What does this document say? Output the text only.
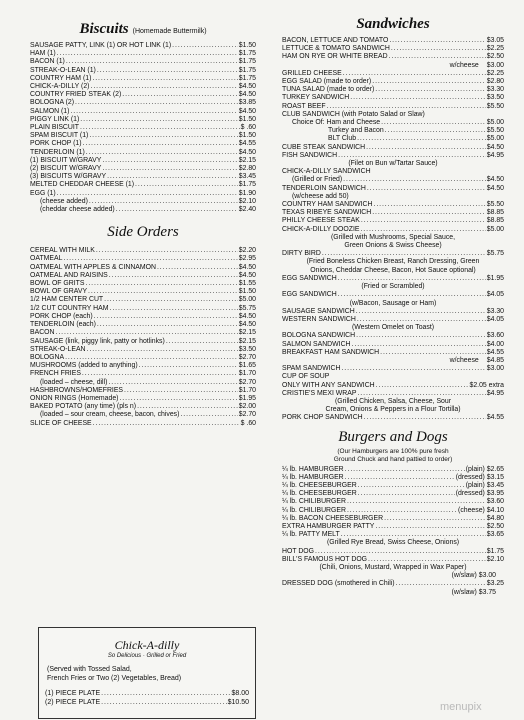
Biscuits (Homemade Buttermilk)
SAUSAGE PATTY, LINK (1) OR HOT LINK (1) . . .	$1.50
HAM (1) . . .	$1.75
BACON (1) . . .	$1.75
STREAK-O-LEAN (1) . . .	$1.75
COUNTRY HAM (1) . . .	$1.75
CHICK-A-DILLY (2) . . .	$4.50
COUNTRY FRIED STEAK (2) . . .	$4.50
BOLOGNA (2) . . .	$3.85
SALMON (1) . . .	$4.50
PIGGY LINK (1) . . .	$1.50
PLAIN BISCUIT . . .	$ .60
SPAM BISCUIT (1) . . .	$1.50
PORK CHOP (1) . . .	$4.55
TENDERLOIN (1) . . .	$4.50
(1) BISCUIT W/GRAVY . . .	$2.15
(2) BISCUIT W/GRAVY . . .	$2.80
(3) BISCUITS W/GRAVY . . .	$3.45
MELTED CHEDDAR CHEESE (1) . . .	$1.75
EGG (1) . . .	$1.90
(cheese added) . . .	$2.10
(cheddar cheese added) . . .	$2.40
Side Orders
CEREAL WITH MILK . . .	$2.20
OATMEAL . . .	$2.95
OATMEAL WITH APPLES & CINNAMON . . .	$4.50
OATMEAL AND RAISINS . . .	$4.50
BOWL OF GRITS . . .	$1.55
BOWL OF GRAVY . . .	$1.50
1/2 HAM CENTER CUT . . .	$5.00
1/2 CUT COUNTRY HAM . . .	$5.75
PORK CHOP (each) . . .	$4.50
TENDERLOIN (each) . . .	$4.50
BACON . . .	$2.15
SAUSAGE (link, piggy link, patty or hotlinks) . . .	$2.15
STREAK-O-LEAN . . .	$3.50
BOLOGNA . . .	$2.70
MUSHROOMS (added to anything) . . .	$1.65
FRENCH FRIES . . .	$1.70
(loaded – cheese, dill) . . .	$2.70
HASHBROWNS/HOMEFRIES . . .	$1.70
ONION RINGS (Homemade) . . .	$1.95
BAKED POTATO (any time) (pls n) . . .	$2.00
(loaded – sour cream, cheese, bacon, chives) . . .	$2.70
SLICE OF CHEESE . . .	$ .60
Chick-A-dilly
So Delicious · Grilled or Fried
(Served with Tossed Salad,
French Fries or Two (2) Vegetables, Bread)
(1) PIECE PLATE . . .	$8.00
(2) PIECE PLATE . . .	$10.50
Sandwiches
BACON, LETTUCE AND TOMATO . . .	$3.05
LETTUCE & TOMATO SANDWICH . . .	$2.25
HAM ON RYE OR WHITE BREAD . . .	$2.50
w/cheese $3.00
GRILLED CHEESE . . .	$2.25
EGG SALAD (made to order) . . .	$2.80
TUNA SALAD (made to order) . . .	$3.30
TURKEY SANDWICH . . .	$3.50
ROAST BEEF . . .	$5.50
CLUB SANDWICH (with Potato Salad or Slaw)
Choice Of: Ham and Cheese . . .	$5.00
Turkey and Bacon . . .	$5.50
BLT Club . . .	$5.00
CUBE STEAK SANDWICH . . .	$4.50
FISH SANDWICH . . .	$4.95
(Filet on Bun w/Tartar Sauce)
CHICK-A-DILLY SANDWICH
(Grilled or Fried) . . .	$4.50
TENDERLOIN SANDWICH . . .	$4.50
(w/cheese add 50)
COUNTRY HAM SANDWICH . . .	$5.50
TEXAS RIBEYE SANDWICH . . .	$8.85
PHILLY CHEESE STEAK . . .	$8.85
CHICK-A-DILLY DOOZIE . . .	$5.00
(Grilled with Mushrooms, Special Sauce,
Green Onions & Swiss Cheese)
DIRTY BIRD . . .	$5.75
(Fried Boneless Chicken Breast, Ranch Dressing, Green
Onions, Cheddar Cheese, Bacon, Hot Sauce optional)
EGG SANDWICH . . .	$1.95
(Fried or Scrambled)
EGG SANDWICH . . .	$4.05
(w/Bacon, Sausage or Ham)
SAUSAGE SANDWICH . . .	$3.30
WESTERN SANDWICH . . .	$4.05
(Western Omelet on Toast)
BOLOGNA SANDWICH . . .	$3.60
SALMON SANDWICH . . .	$4.00
BREAKFAST HAM SANDWICH . . .	$4.55
w/cheese $4.85
SPAM SANDWICH . . .	$3.00
CUP OF SOUP
ONLY WITH ANY SANDWICH . . .	$2.05 extra
CRISTIE'S MEXI WRAP . . .	$4.95
(Grilled Chicken, Salsa, Cheese, Sour
Cream, Onions & Peppers in a Flour Tortilla)
PORK CHOP SANDWICH . . .	$4.55
Burgers and Dogs
(Our Hamburgers are 100% pure fresh
Ground Chuck and hand pattied to order)
¼ lb. HAMBURGER . . .	(plain) $2.65
¼ lb. HAMBURGER . . .	(dressed) $3.15
¼ lb. CHEESEBURGER . . .	(plain) $3.45
¼ lb. CHEESEBURGER . . .	(dressed) $3.95
¼ lb. CHILIBURGER . . .	$3.60
¼ lb. CHILIBURGER . . .	(cheese) $4.10
¼ lb. BACON CHEESEBURGER . . .	$4.80
EXTRA HAMBURGER PATTY . . .	$2.50
¼ lb. PATTY MELT . . .	$3.65
(Grilled Rye Bread, Swiss Cheese, Onions)
HOT DOG . . .	$1.75
BILL'S FAMOUS HOT DOG . . .	$2.10
(Chili, Onions, Mustard, Wrapped in Wax Paper)
(w/slaw) $3.00
DRESSED DOG (smothered in Chili) . . .	$3.25
(w/slaw) $3.75
menupix
